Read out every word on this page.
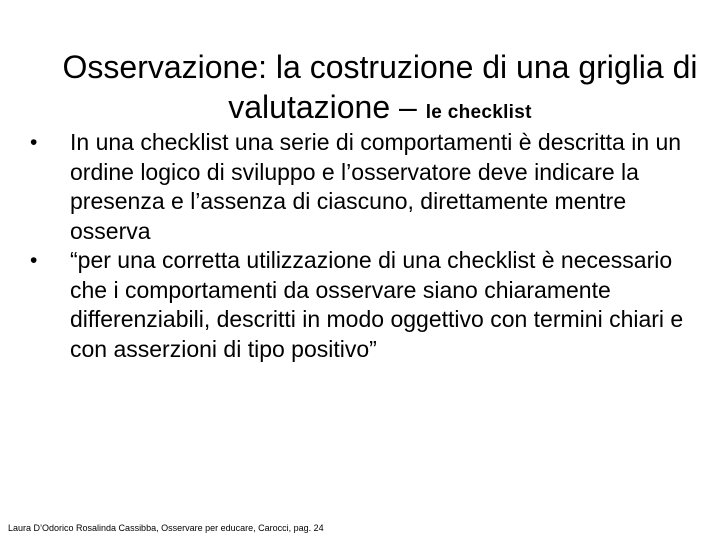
Osservazione: la costruzione di una griglia di valutazione – le checklist
•	In una checklist una serie di comportamenti è descritta in un ordine logico di sviluppo e l’osservatore deve indicare la presenza e l’assenza di ciascuno, direttamente mentre osserva
•	“per una corretta utilizzazione di una checklist è necessario che i comportamenti da osservare siano chiaramente differenziabili, descritti in modo oggettivo con termini chiari e con asserzioni di tipo positivo”
Laura D’Odorico Rosalinda Cassibba, Osservare per educare, Carocci, pag. 24
